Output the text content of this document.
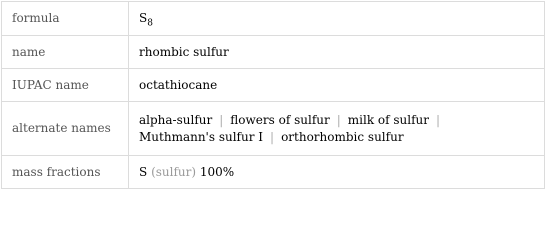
formula	$S_8$
name	rhombic sulfur
IUPAC name	octathiocane
alternate names	alpha-sulfur | flowers of sulfur | milk of sulfur |
Muthmann's sulfur I | orthorhombic sulfur
mass fractions	S (sulfur) 100%
